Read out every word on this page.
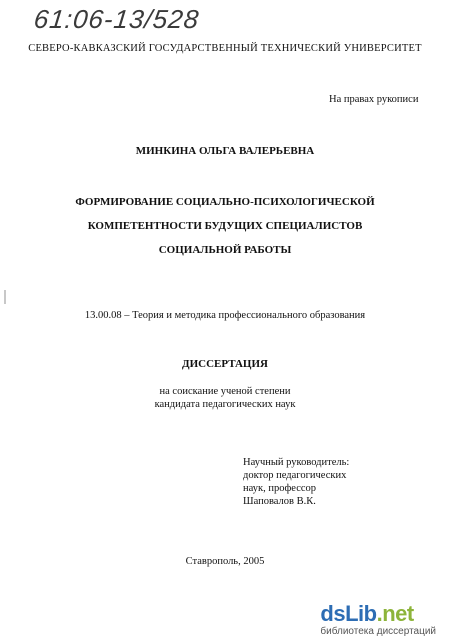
61:06-13/528
СЕВЕРО-КАВКАЗСКИЙ ГОСУДАРСТВЕННЫЙ ТЕХНИЧЕСКИЙ УНИВЕРСИТЕТ
На правах рукописи
МИНКИНА ОЛЬГА ВАЛЕРЬЕВНА
ФОРМИРОВАНИЕ СОЦИАЛЬНО-ПСИХОЛОГИЧЕСКОЙ
КОМПЕТЕНТНОСТИ БУДУЩИХ СПЕЦИАЛИСТОВ
СОЦИАЛЬНОЙ РАБОТЫ
13.00.08 – Теория и методика профессионального образования
ДИССЕРТАЦИЯ
на соискание ученой степени
кандидата педагогических наук
Научный руководитель:
доктор педагогических
наук, профессор
Шаповалов В.К.
Ставрополь, 2005
dsLib.net
библиотека диссертаций
